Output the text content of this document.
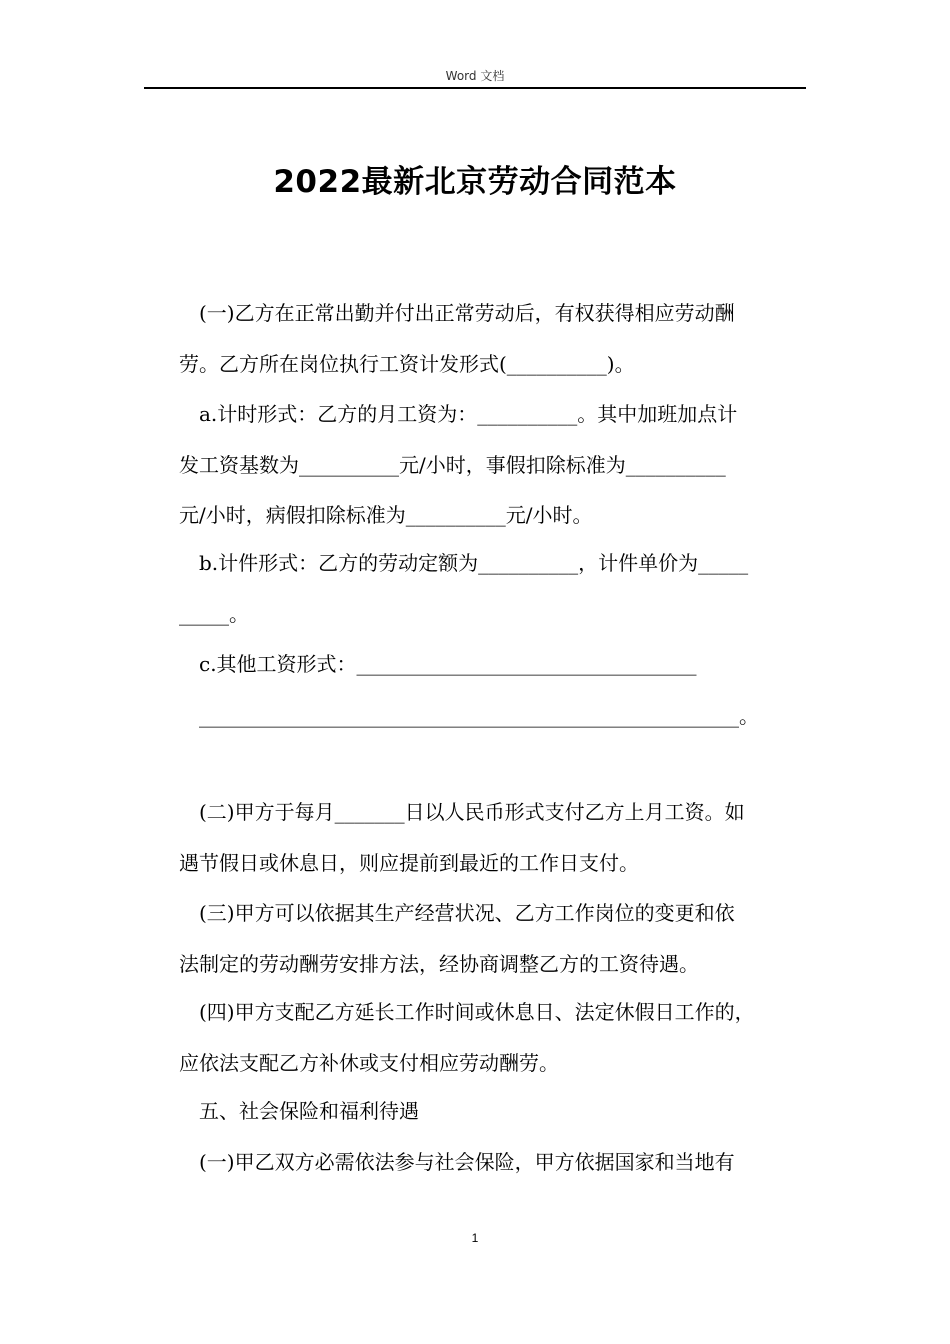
Word 文档
2022最新北京劳动合同范本
(一)乙方在正常出勤并付出正常劳动后，有权获得相应劳动酬
劳。乙方所在岗位执行工资计发形式(__________)。
a.计时形式：乙方的月工资为：__________。其中加班加点计
发工资基数为__________元/小时，事假扣除标准为__________
元/小时，病假扣除标准为__________元/小时。
b.计件形式：乙方的劳动定额为__________，计件单价为_____
_____。
c.其他工资形式：__________________________________
______________________________________________________。
(二)甲方于每月_______日以人民币形式支付乙方上月工资。如
遇节假日或休息日，则应提前到最近的工作日支付。
(三)甲方可以依据其生产经营状况、乙方工作岗位的变更和依
法制定的劳动酬劳安排方法，经协商调整乙方的工资待遇。
(四)甲方支配乙方延长工作时间或休息日、法定休假日工作的，
应依法支配乙方补休或支付相应劳动酬劳。
五、社会保险和福利待遇
(一)甲乙双方必需依法参与社会保险，甲方依据国家和当地有
1
